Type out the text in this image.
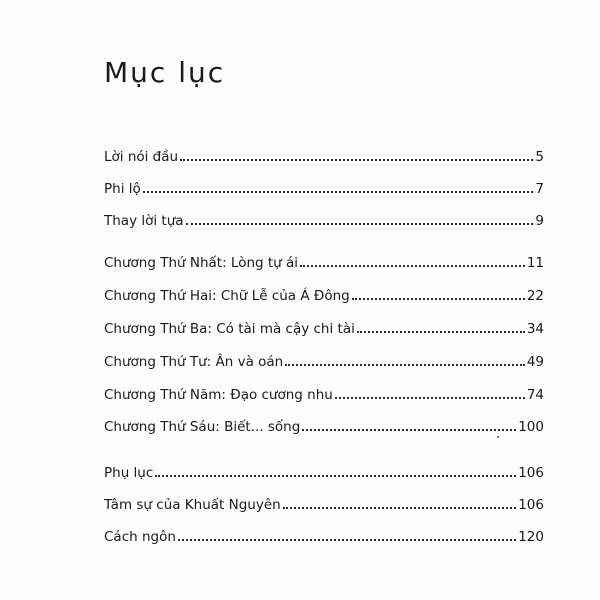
Mục lục
Lời nói đầu	5
Phi lộ	7
Thay lời tựa	9
Chương Thứ Nhất: Lòng tự ái	11
Chương Thứ Hai: Chữ Lễ của Á Đông	22
Chương Thứ Ba: Có tài mà cậy chi tài	34
Chương Thứ Tư: Ân và oán	49
Chương Thứ Năm: Đạo cương nhu	74
Chương Thứ Sáu: Biết... sống	100
Phụ lục	106
Tâm sự của Khuất Nguyên	106
Cách ngôn	120
